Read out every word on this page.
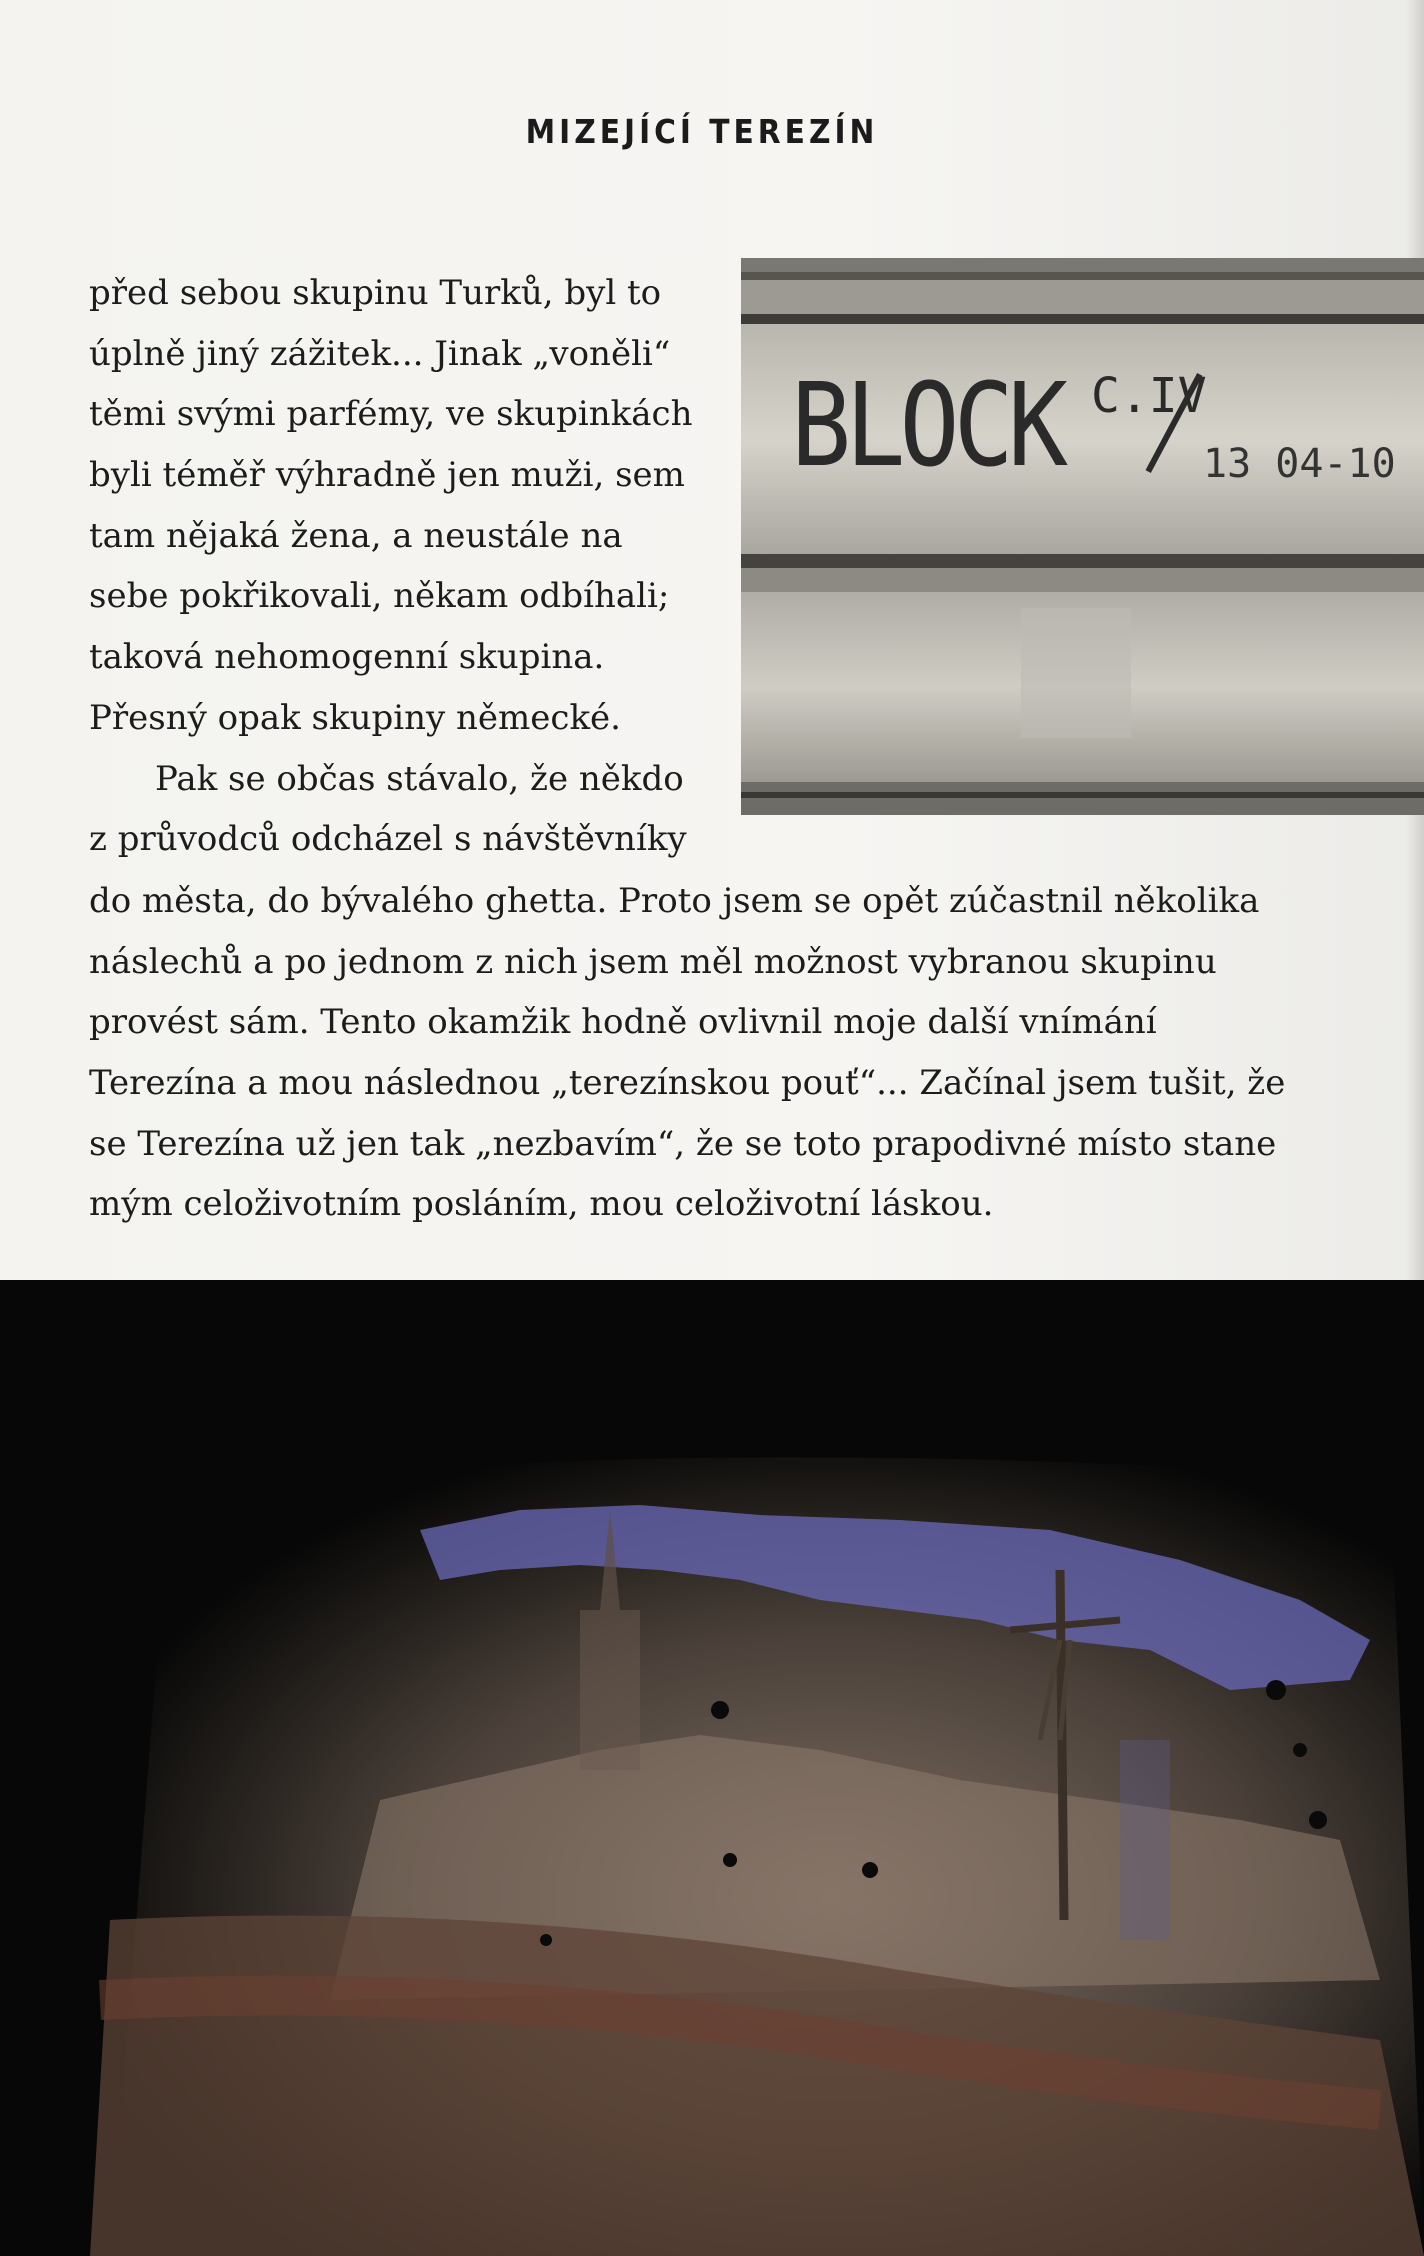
MIZEJÍCÍ TEREZÍN
BLOCK C.IV
13 04-10
před sebou skupinu Turků, byl to
úplně jiný zážitek... Jinak „voněli“
těmi svými parfémy, ve skupinkách
byli téměř výhradně jen muži, sem
tam nějaká žena, a neustále na
sebe pokřikovali, někam odbíhali;
taková nehomogenní skupina.
Přesný opak skupiny německé.
Pak se občas stávalo, že někdo
z průvodců odcházel s návštěvníky
do města, do bývalého ghetta. Proto jsem se opět zúčastnil několika
náslechů a po jednom z nich jsem měl možnost vybranou skupinu
provést sám. Tento okamžik hodně ovlivnil moje další vnímání
Terezína a mou následnou „terezínskou pouť“... Začínal jsem tušit, že
se Terezína už jen tak „nezbavím“, že se toto prapodivné místo stane
mým celoživotním posláním, mou celoživotní láskou.
